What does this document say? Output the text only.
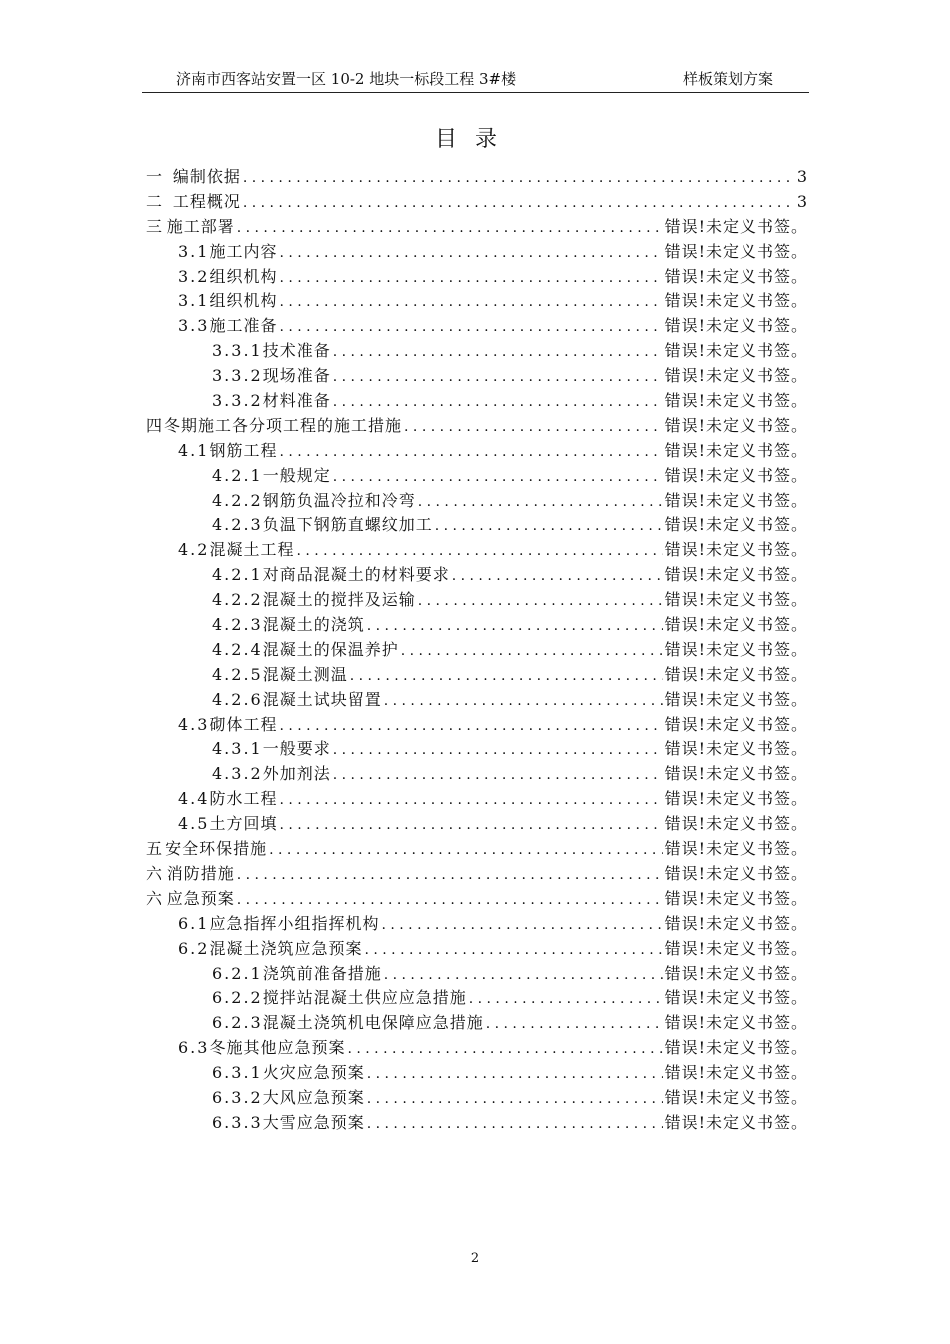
济南市西客站安置一区 10-2 地块一标段工程 3#楼	样板策划方案
目录
一 编制依据 . . .	3
二 工程概况 . . .	3
三 施工部署 . . .	错误!未定义书签。
3.1 施工内容 . . .	错误!未定义书签。
3.2 组织机构 . . .	错误!未定义书签。
3.1 组织机构 . . .	错误!未定义书签。
3.3 施工准备 . . .	错误!未定义书签。
3.3.1 技术准备 . . .	错误!未定义书签。
3.3.2 现场准备 . . .	错误!未定义书签。
3.3.2 材料准备 . . .	错误!未定义书签。
四 冬期施工各分项工程的施工措施 . . .	错误!未定义书签。
4.1 钢筋工程 . . .	错误!未定义书签。
4.2.1 一般规定 . . .	错误!未定义书签。
4.2.2 钢筋负温冷拉和冷弯 . . .	错误!未定义书签。
4.2.3 负温下钢筋直螺纹加工 . . .	错误!未定义书签。
4.2 混凝土工程 . . .	错误!未定义书签。
4.2.1 对商品混凝土的材料要求 . . .	错误!未定义书签。
4.2.2 混凝土的搅拌及运输 . . .	错误!未定义书签。
4.2.3 混凝土的浇筑 . . .	错误!未定义书签。
4.2.4 混凝土的保温养护 . . .	错误!未定义书签。
4.2.5 混凝土测温 . . .	错误!未定义书签。
4.2.6 混凝土试块留置 . . .	错误!未定义书签。
4.3 砌体工程 . . .	错误!未定义书签。
4.3.1 一般要求 . . .	错误!未定义书签。
4.3.2 外加剂法 . . .	错误!未定义书签。
4.4 防水工程 . . .	错误!未定义书签。
4.5 土方回填 . . .	错误!未定义书签。
五 安全环保措施 . . .	错误!未定义书签。
六 消防措施 . . .	错误!未定义书签。
六 应急预案 . . .	错误!未定义书签。
6.1 应急指挥小组指挥机构 . . .	错误!未定义书签。
6.2 混凝土浇筑应急预案 . . .	错误!未定义书签。
6.2.1 浇筑前准备措施 . . .	错误!未定义书签。
6.2.2 搅拌站混凝土供应应急措施 . . .	错误!未定义书签。
6.2.3 混凝土浇筑机电保障应急措施 . . .	错误!未定义书签。
6.3 冬施其他应急预案 . . .	错误!未定义书签。
6.3.1 火灾应急预案 . . .	错误!未定义书签。
6.3.2 大风应急预案 . . .	错误!未定义书签。
6.3.3 大雪应急预案 . . .	错误!未定义书签。
2
